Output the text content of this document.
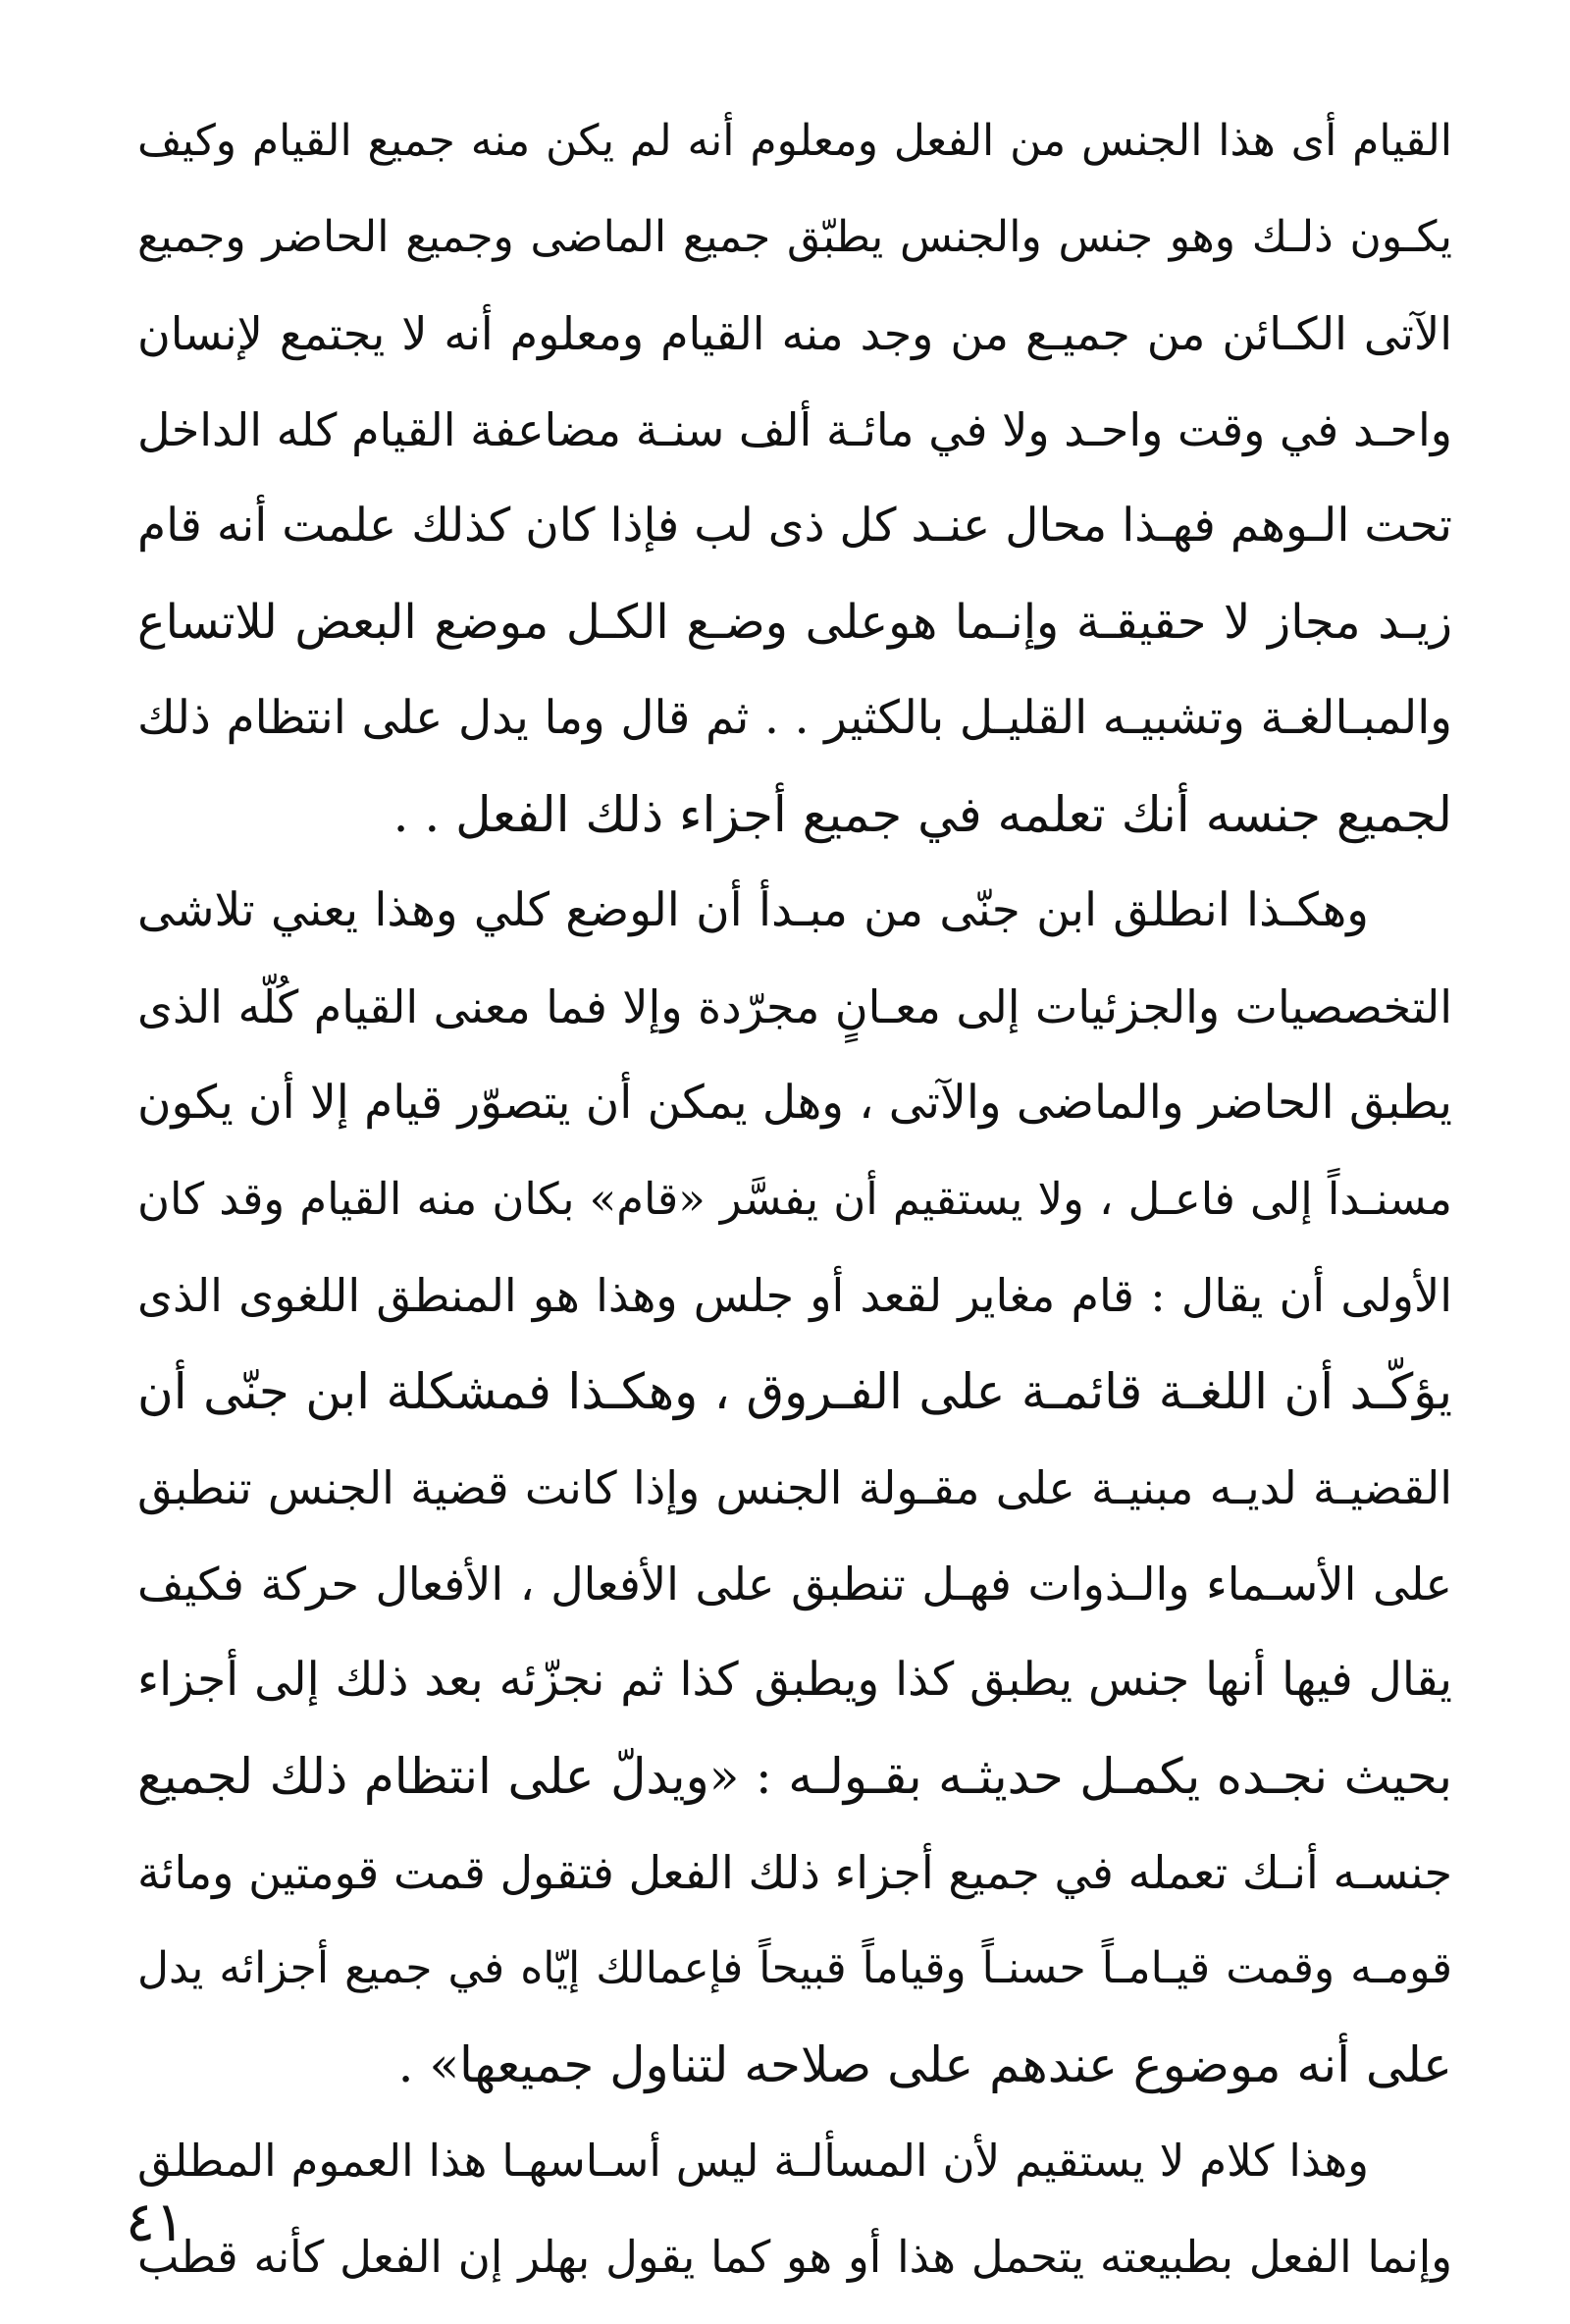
القيام أى هذا الجنس من الفعل ومعلوم أنه لم يكن منه جميع القيام وكيف
يكـون ذلـك وهو جنس والجنس يطبّق جميع الماضى وجميع الحاضر وجميع
الآتى الكـائن من جميـع من وجد منه القيام ومعلوم أنه لا يجتمع لإنسان
واحـد في وقت واحـد ولا في مائـة ألف سنـة مضاعفة القيام كله الداخل
تحت الـوهم فهـذا محال عنـد كل ذى لب فإذا كان كذلك علمت أنه قام
زيـد مجاز لا حقيقـة وإنـما هوعلى وضـع الكـل موضع البعض للاتساع
والمبـالغـة وتشبيـه القليـل بالكثير . . ثم قال وما يدل على انتظام ذلك
لجميع جنسه أنك تعلمه في جميع أجزاء ذلك الفعل . .
وهكـذا انطلق ابن جنّى من مبـدأ أن الوضع كلي وهذا يعني تلاشى
التخصصيات والجزئيات إلى معـانٍ مجرّدة وإلا فما معنى القيام كُلّه الذى
يطبق الحاضر والماضى والآتى ، وهل يمكن أن يتصوّر قيام إلا أن يكون
مسنـداً إلى فاعـل ، ولا يستقيم أن يفسَّر «قام» بكان منه القيام وقد كان
الأولى أن يقال : قام مغاير لقعد أو جلس وهذا هو المنطق اللغوى الذى
يؤكّـد أن اللغـة قائمـة على الفـروق ، وهكـذا فمشكلة ابن جنّى أن
القضيـة لديـه مبنيـة على مقـولة الجنس وإذا كانت قضية الجنس تنطبق
على الأسـماء والـذوات فهـل تنطبق على الأفعال ، الأفعال حركة فكيف
يقال فيها أنها جنس يطبق كذا ويطبق كذا ثم نجزّئه بعد ذلك إلى أجزاء
بحيث نجـده يكمـل حديثـه بقـولـه : «ويدلّ على انتظام ذلك لجميع
جنسـه أنـك تعمله في جميع أجزاء ذلك الفعل فتقول قمت قومتين ومائة
قومـه وقمت قيـامـاً حسنـاً وقياماً قبيحاً فإعمالك إيّاه في جميع أجزائه يدل
على أنه موضوع عندهم على صلاحه لتناول جميعها» .
وهذا كلام لا يستقيم لأن المسألـة ليس أسـاسهـا هذا العموم المطلق
وإنما الفعل بطبيعته يتحمل هذا أو هو كما يقول بهلر إن الفعل كأنه قطب
٤١
